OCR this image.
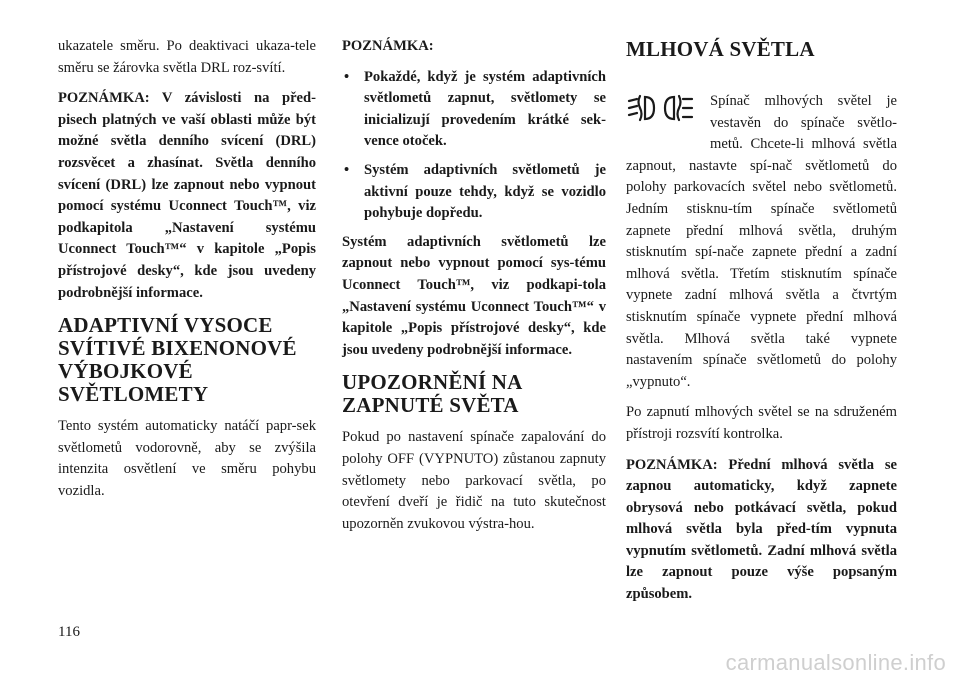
ukazatele směru. Po deaktivaci ukaza-tele směru se žárovka světla DRL roz-svítí.

POZNÁMKA: V závislosti na před-pisech platných ve vaší oblasti může být možné světla denního svícení (DRL) rozsvěcet a zhasínat. Světla denního svícení (DRL) lze zapnout nebo vypnout pomocí systému Uconnect Touch™, viz podkapitola „Nastavení systému Uconnect Touch™“ v kapitole „Popis přístrojové desky“, kde jsou uvedeny podrobnější informace.

ADAPTIVNÍ VYSOCE SVÍTIVÉ BIXENONOVÉ VÝBOJKOVÉ SVĚTLOMETY

Tento systém automaticky natáčí papr-sek světlometů vodorovně, aby se zvýšila intenzita osvětlení ve směru pohybu vozidla.

POZNÁMKA:

• Pokaždé, když je systém adaptivních světlometů zapnut, světlomety se inicializují provedením krátké sek-vence otoček.
• Systém adaptivních světlometů je aktivní pouze tehdy, když se vozidlo pohybuje dopředu.

Systém adaptivních světlometů lze zapnout nebo vypnout pomocí sys-tému Uconnect Touch™, viz podkapi-tola „Nastavení systému Uconnect Touch™“ v kapitole „Popis přístrojové desky“, kde jsou uvedeny podrobnější informace.

UPOZORNĚNÍ NA ZAPNUTÉ SVĚTA

Pokud po nastavení spínače zapalování do polohy OFF (VYPNUTO) zůstanou zapnuty světlomety nebo parkovací světla, po otevření dveří je řidič na tuto skutečnost upozorněn zvukovou výstra-hou.

MLHOVÁ SVĚTLA

Spínač mlhových světel je vestavěn do spínače světlo-metů. Chcete-li mlhová světla zapnout, nastavte spí-nač světlometů do polohy parkovacích světel nebo světlometů. Jedním stisknu-tím spínače světlometů zapnete přední mlhová světla, druhým stisknutím spí-nače zapnete přední a zadní mlhová světla. Třetím stisknutím spínače vypnete zadní mlhová světla a čtvrtým stisknutím spínače vypnete přední mlhová světla. Mlhová světla také vypnete nastavením spínače světlometů do polohy „vypnuto“.

Po zapnutí mlhových světel se na sdruženém přístroji rozsvítí kontrolka.

POZNÁMKA: Přední mlhová světla se zapnou automaticky, když zapnete obrysová nebo potkávací světla, pokud mlhová světla byla před-tím vypnuta vypnutím světlometů. Zadní mlhová světla lze zapnout pouze výše popsaným způsobem.

116
carmanualsonline.info
